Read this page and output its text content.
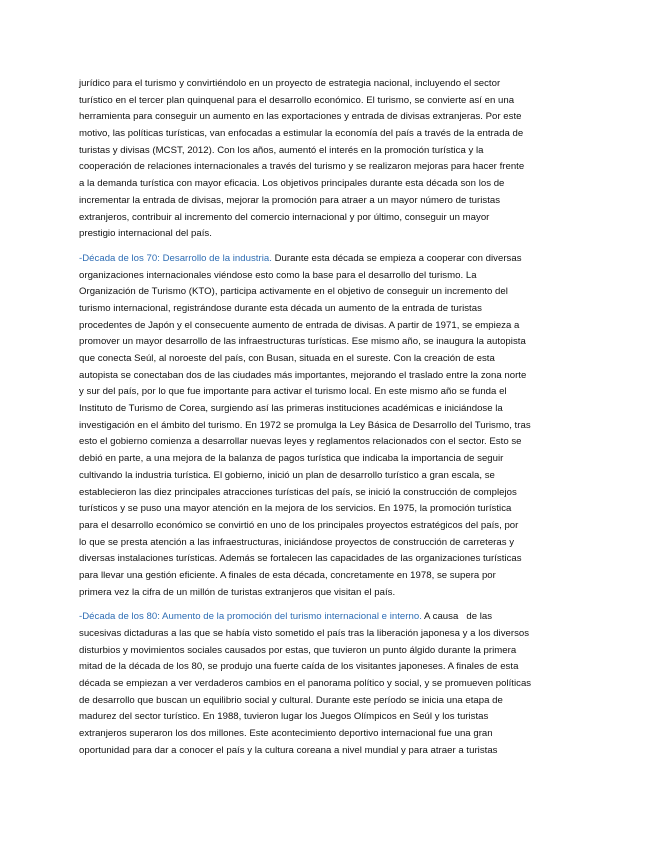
jurídico para el turismo y convirtiéndolo en un proyecto de estrategia nacional, incluyendo el sector
turístico en el tercer plan quinquenal para el desarrollo económico. El turismo, se convierte así en una
herramienta para conseguir un aumento en las exportaciones y entrada de divisas extranjeras. Por este
motivo, las políticas turísticas, van enfocadas a estimular la economía del país a través de la entrada de
turistas y divisas (MCST, 2012). Con los años, aumentó el interés en la promoción turística y la
cooperación de relaciones internacionales a través del turismo y se realizaron mejoras para hacer frente
a la demanda turística con mayor eficacia. Los objetivos principales durante esta década son los de
incrementar la entrada de divisas, mejorar la promoción para atraer a un mayor número de turistas
extranjeros, contribuir al incremento del comercio internacional y por último, conseguir un mayor
prestigio internacional del país.
-Década de los 70: Desarrollo de la industria. Durante esta década se empieza a cooperar con diversas
organizaciones internacionales viéndose esto como la base para el desarrollo del turismo. La
Organización de Turismo (KTO), participa activamente en el objetivo de conseguir un incremento del
turismo internacional, registrándose durante esta década un aumento de la entrada de turistas
procedentes de Japón y el consecuente aumento de entrada de divisas. A partir de 1971, se empieza a
promover un mayor desarrollo de las infraestructuras turísticas. Ese mismo año, se inaugura la autopista
que conecta Seúl, al noroeste del país, con Busan, situada en el sureste. Con la creación de esta
autopista se conectaban dos de las ciudades más importantes, mejorando el traslado entre la zona norte
y sur del país, por lo que fue importante para activar el turismo local. En este mismo año se funda el
Instituto de Turismo de Corea, surgiendo así las primeras instituciones académicas e iniciándose la
investigación en el ámbito del turismo. En 1972 se promulga la Ley Básica de Desarrollo del Turismo, tras
esto el gobierno comienza a desarrollar nuevas leyes y reglamentos relacionados con el sector. Esto se
debió en parte, a una mejora de la balanza de pagos turística que indicaba la importancia de seguir
cultivando la industria turística. El gobierno, inició un plan de desarrollo turístico a gran escala, se
establecieron las diez principales atracciones turísticas del país, se inició la construcción de complejos
turísticos y se puso una mayor atención en la mejora de los servicios. En 1975, la promoción turística
para el desarrollo económico se convirtió en uno de los principales proyectos estratégicos del país, por
lo que se presta atención a las infraestructuras, iniciándose proyectos de construcción de carreteras y
diversas instalaciones turísticas. Además se fortalecen las capacidades de las organizaciones turísticas
para llevar una gestión eficiente. A finales de esta década, concretamente en 1978, se supera por
primera vez la cifra de un millón de turistas extranjeros que visitan el país.
-Década de los 80: Aumento de la promoción del turismo internacional e interno. A causa   de las
sucesivas dictaduras a las que se había visto sometido el país tras la liberación japonesa y a los diversos
disturbios y movimientos sociales causados por estas, que tuvieron un punto álgido durante la primera
mitad de la década de los 80, se produjo una fuerte caída de los visitantes japoneses. A finales de esta
década se empiezan a ver verdaderos cambios en el panorama político y social, y se promueven políticas
de desarrollo que buscan un equilibrio social y cultural. Durante este período se inicia una etapa de
madurez del sector turístico. En 1988, tuvieron lugar los Juegos Olímpicos en Seúl y los turistas
extranjeros superaron los dos millones. Este acontecimiento deportivo internacional fue una gran
oportunidad para dar a conocer el país y la cultura coreana a nivel mundial y para atraer a turistas
